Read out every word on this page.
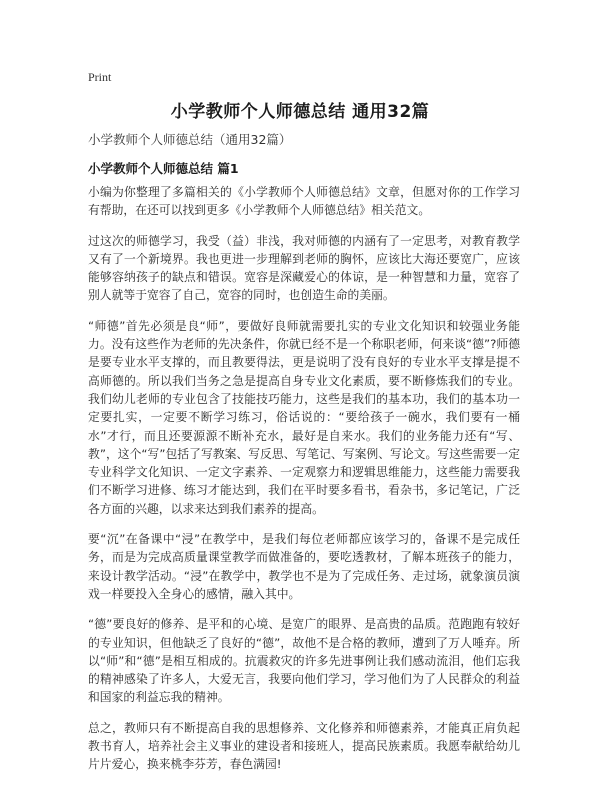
Print
小学教师个人师德总结 通用32篇
小学教师个人师德总结（通用32篇）
小学教师个人师德总结 篇1

小编为你整理了多篇相关的《小学教师个人师德总结》文章，但愿对你的工作学习有帮助，在还可以找到更多《小学教师个人师德总结》相关范文。

过这次的师德学习，我受（益）非浅，我对师德的内涵有了一定思考，对教育教学又有了一个新境界。我也更进一步理解到老师的胸怀，应该比大海还要宽广，应该能够容纳孩子的缺点和错误。宽容是深藏爱心的体谅，是一种智慧和力量，宽容了别人就等于宽容了自己，宽容的同时，也创造生命的美丽。

“师德”首先必须是良“师”，要做好良师就需要扎实的专业文化知识和较强业务能力。没有这些作为老师的先决条件，你就已经不是一个称职老师，何来谈“德”?师德是要专业水平支撑的，而且教要得法，更是说明了没有良好的专业水平支撑是提不高师德的。所以我们当务之急是提高自身专业文化素质，要不断修炼我们的专业。我们幼儿老师的专业包含了技能技巧能力，这些是我们的基本功，我们的基本功一定要扎实，一定要不断学习练习，俗话说的：“要给孩子一碗水，我们要有一桶水”才行，而且还要源源不断补充水，最好是自来水。我们的业务能力还有“写、教”，这个“写”包括了写教案、写反思、写笔记、写案例、写论文。写这些需要一定专业科学文化知识、一定文字素养、一定观察力和逻辑思维能力，这些能力需要我们不断学习进修、练习才能达到，我们在平时要多看书，看杂书，多记笔记，广泛各方面的兴趣，以求来达到我们素养的提高。

要“沉”在备课中“浸”在教学中，是我们每位老师都应该学习的，备课不是完成任务，而是为完成高质量课堂教学而做准备的，要吃透教材，了解本班孩子的能力，来设计教学活动。“浸”在教学中，教学也不是为了完成任务、走过场，就象演员演戏一样要投入全身心的感情，融入其中。

“德”要良好的修养、是平和的心境、是宽广的眼界、是高贵的品质。范跑跑有较好的专业知识，但他缺乏了良好的“德”，故他不是合格的教师，遭到了万人唾弃。所以“师”和“德”是相互相成的。抗震救灾的许多先进事例让我们感动流泪，他们忘我的精神感染了许多人，大爱无言，我要向他们学习，学习他们为了人民群众的利益和国家的利益忘我的精神。

总之，教师只有不断提高自我的思想修养、文化修养和师德素养，才能真正肩负起教书育人，培养社会主义事业的建设者和接班人，提高民族素质。我愿奉献给幼儿片片爱心，换来桃李芬芳，春色满园!
